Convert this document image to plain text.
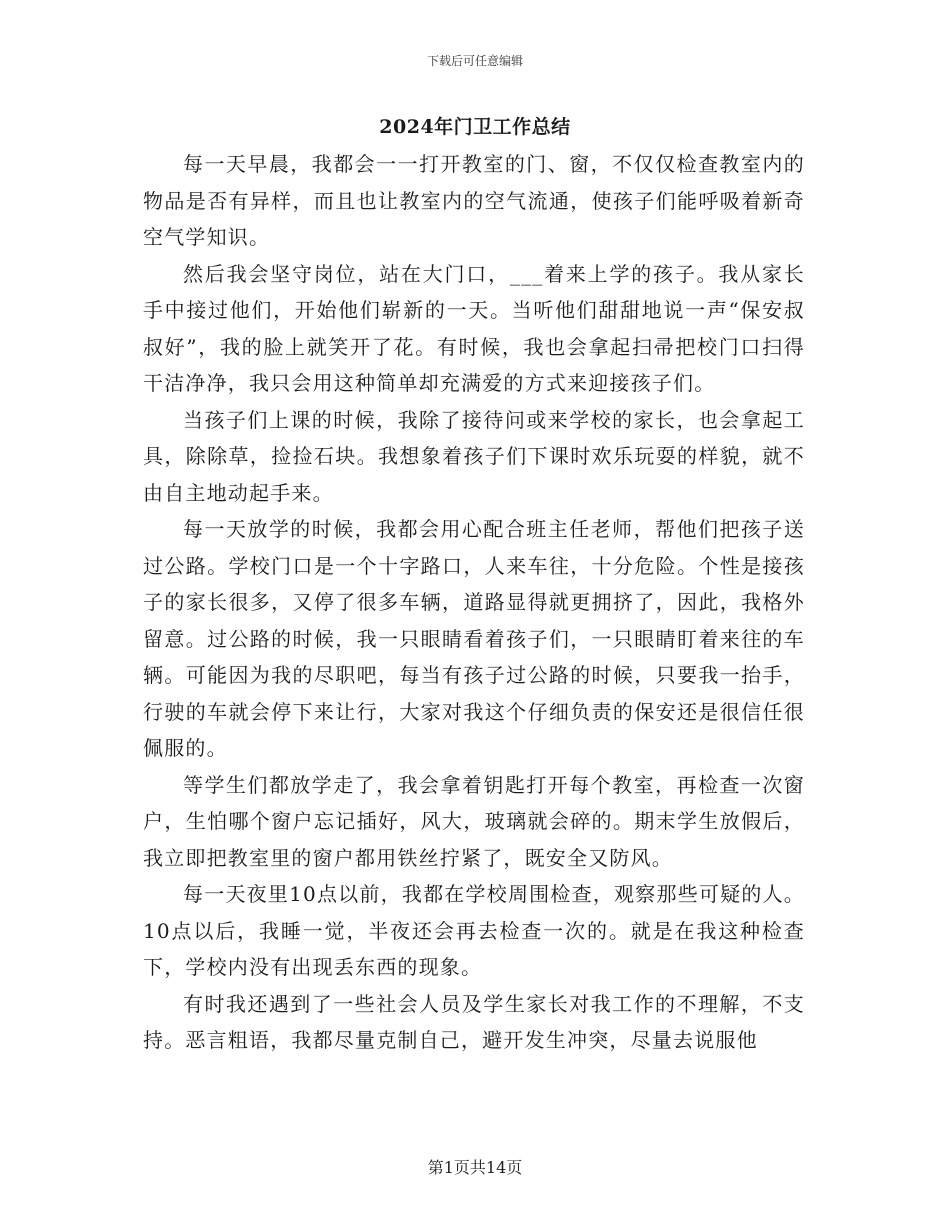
下载后可任意编辑
2024年门卫工作总结

每一天早晨，我都会一一打开教室的门、窗，不仅仅检查教室内的物品是否有异样，而且也让教室内的空气流通，使孩子们能呼吸着新奇空气学知识。

然后我会坚守岗位，站在大门口，___着来上学的孩子。我从家长手中接过他们，开始他们崭新的一天。当听他们甜甜地说一声“保安叔叔好”，我的脸上就笑开了花。有时候，我也会拿起扫帚把校门口扫得干洁净净，我只会用这种简单却充满爱的方式来迎接孩子们。

当孩子们上课的时候，我除了接待问或来学校的家长，也会拿起工具，除除草，捡捡石块。我想象着孩子们下课时欢乐玩耍的样貌，就不由自主地动起手来。

每一天放学的时候，我都会用心配合班主任老师，帮他们把孩子送过公路。学校门口是一个十字路口，人来车往，十分危险。个性是接孩子的家长很多，又停了很多车辆，道路显得就更拥挤了，因此，我格外留意。过公路的时候，我一只眼睛看着孩子们，一只眼睛盯着来往的车辆。可能因为我的尽职吧，每当有孩子过公路的时候，只要我一抬手，行驶的车就会停下来让行，大家对我这个仔细负责的保安还是很信任很佩服的。

等学生们都放学走了，我会拿着钥匙打开每个教室，再检查一次窗户，生怕哪个窗户忘记插好，风大，玻璃就会碎的。期末学生放假后，我立即把教室里的窗户都用铁丝拧紧了，既安全又防风。

每一天夜里10点以前，我都在学校周围检查，观察那些可疑的人。10点以后，我睡一觉，半夜还会再去检查一次的。就是在我这种检查下，学校内没有出现丢东西的现象。

有时我还遇到了一些社会人员及学生家长对我工作的不理解，不支持。恶言粗语，我都尽量克制自己，避开发生冲突，尽量去说服他

第1页共14页
